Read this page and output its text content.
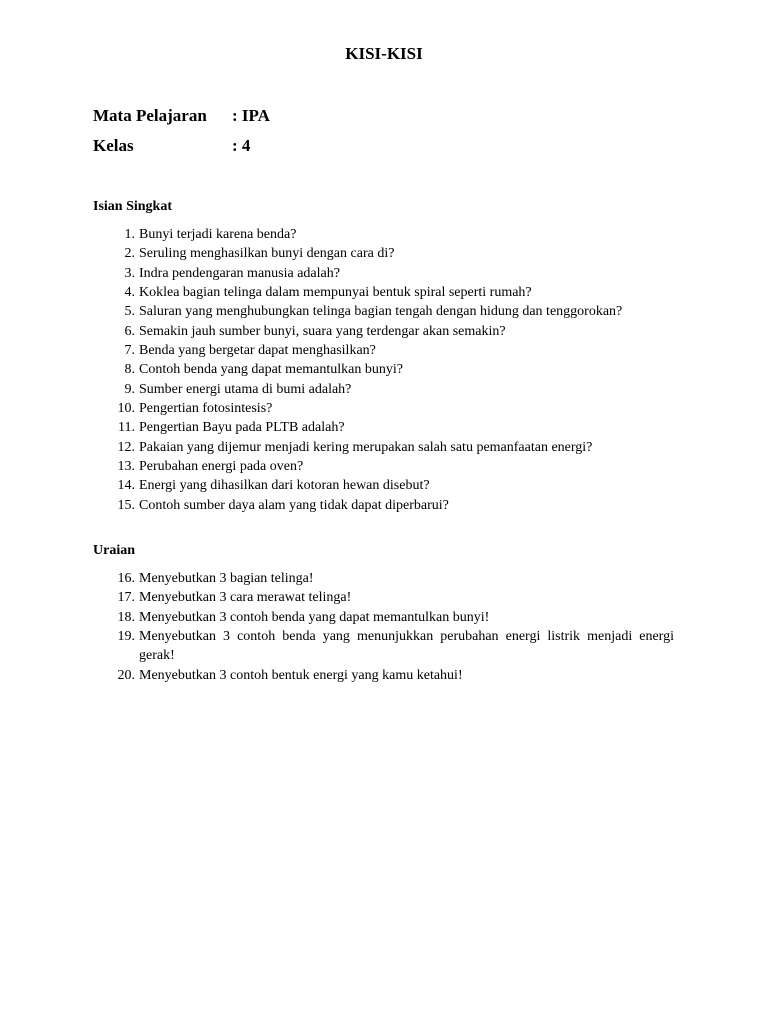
KISI-KISI
Mata Pelajaran : IPA
Kelas	: 4
Isian Singkat
1. Bunyi terjadi karena benda?
2. Seruling menghasilkan bunyi dengan cara di?
3. Indra pendengaran manusia adalah?
4. Koklea bagian telinga dalam mempunyai bentuk spiral seperti rumah?
5. Saluran yang menghubungkan telinga bagian tengah dengan hidung dan tenggorokan?
6. Semakin jauh sumber bunyi, suara yang terdengar akan semakin?
7. Benda yang bergetar dapat menghasilkan?
8. Contoh benda yang dapat memantulkan bunyi?
9. Sumber energi utama di bumi adalah?
10. Pengertian fotosintesis?
11. Pengertian Bayu pada PLTB adalah?
12. Pakaian yang dijemur menjadi kering merupakan salah satu pemanfaatan energi?
13. Perubahan energi pada oven?
14. Energi yang dihasilkan dari kotoran hewan disebut?
15. Contoh sumber daya alam yang tidak dapat diperbarui?
Uraian
16. Menyebutkan 3 bagian telinga!
17. Menyebutkan 3 cara merawat telinga!
18. Menyebutkan 3 contoh benda yang dapat memantulkan bunyi!
19. Menyebutkan 3 contoh benda yang menunjukkan perubahan energi listrik menjadi energi gerak!
20. Menyebutkan 3 contoh bentuk energi yang kamu ketahui!
